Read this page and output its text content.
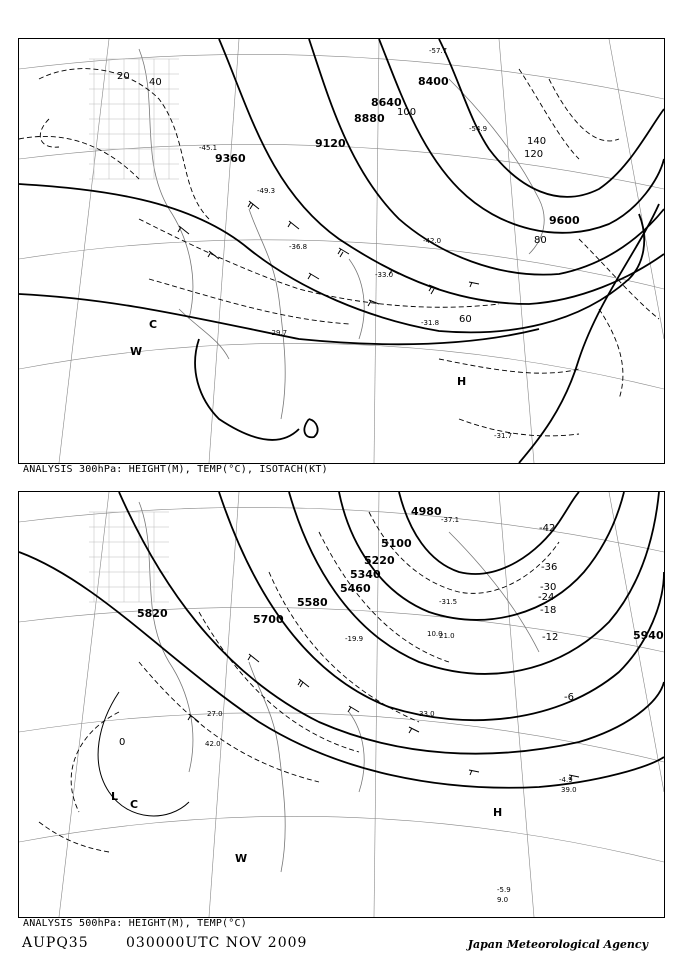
8400
8640
8880
9120
9360
9600
20
40
60
80
100
120
140
-57.7
-54.9
-49.3
-45.1
-42.0
-36.8
-33.0
-31.8
-29.7
-31.7
H
C
W
ANALYSIS 300hPa: HEIGHT(M), TEMP(°C), ISOTACH(KT)
4980
5100
5220
5340
5460
5580
5700
5820
5940
-42
-36
-30
-24
-18
-12
-6
0
-37.1
-31.5
-19.9
-4.9
-5.9
10.0
21.0
33.0
9.0
39.0
42.0
27.0
H
L
W
C
ANALYSIS 500hPa: HEIGHT(M), TEMP(°C)
AUPQ35	030000UTC NOV 2009	Japan Meteorological Agency
